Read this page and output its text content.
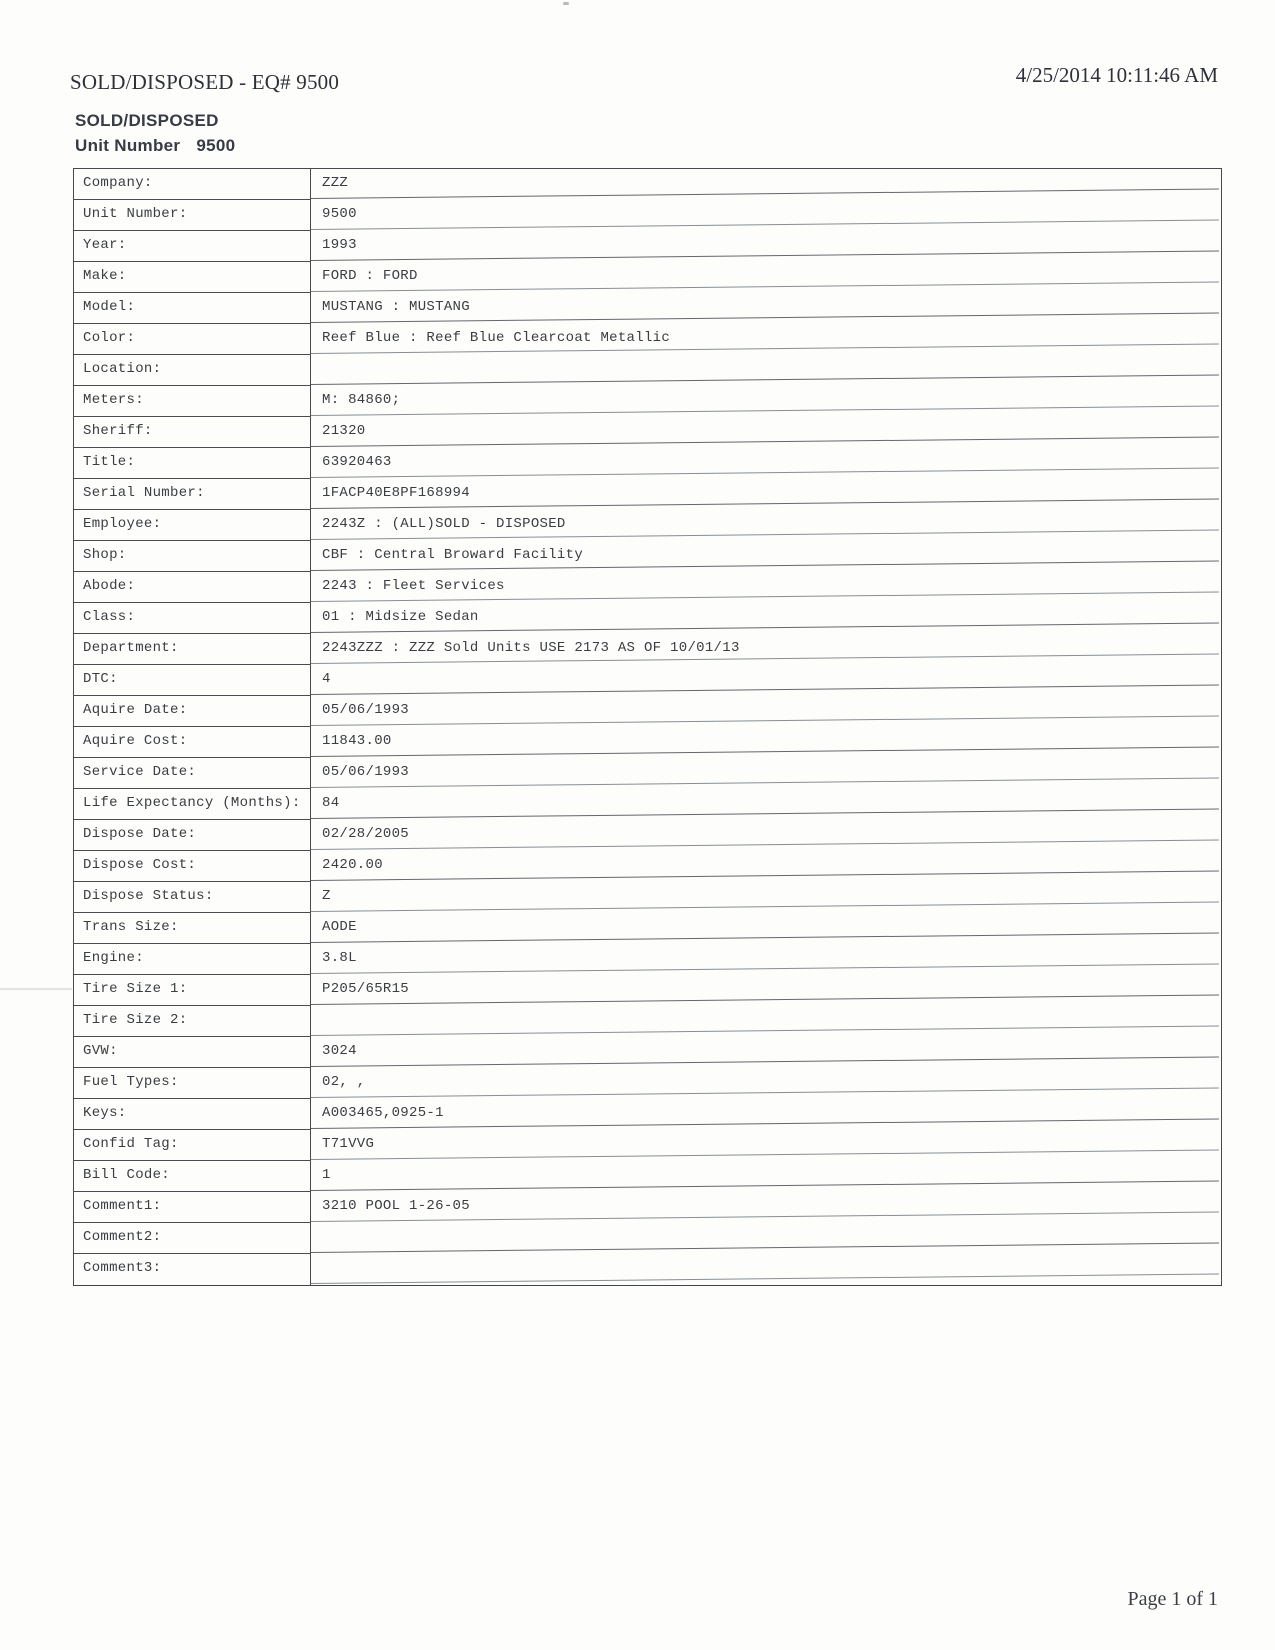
SOLD/DISPOSED - EQ# 9500	4/25/2014 10:11:46 AM
SOLD/DISPOSED
Unit Number 9500
Company:	ZZZ
Unit Number:	9500
Year:	1993
Make:	FORD : FORD
Model:	MUSTANG : MUSTANG
Color:	Reef Blue : Reef Blue Clearcoat Metallic
Location:
Meters:	M: 84860;
Sheriff:	21320
Title:	63920463
Serial Number:	1FACP40E8PF168994
Employee:	2243Z : (ALL)SOLD - DISPOSED
Shop:	CBF : Central Broward Facility
Abode:	2243 : Fleet Services
Class:	01 : Midsize Sedan
Department:	2243ZZZ : ZZZ Sold Units USE 2173 AS OF 10/01/13
DTC:	4
Aquire Date:	05/06/1993
Aquire Cost:	11843.00
Service Date:	05/06/1993
Life Expectancy (Months):	84
Dispose Date:	02/28/2005
Dispose Cost:	2420.00
Dispose Status:	Z
Trans Size:	AODE
Engine:	3.8L
Tire Size 1:	P205/65R15
Tire Size 2:
GVW:	3024
Fuel Types:	02, ,
Keys:	A003465,0925-1
Confid Tag:	T71VVG
Bill Code:	1
Comment1:	3210 POOL 1-26-05
Comment2:
Comment3:
Page 1 of 1
